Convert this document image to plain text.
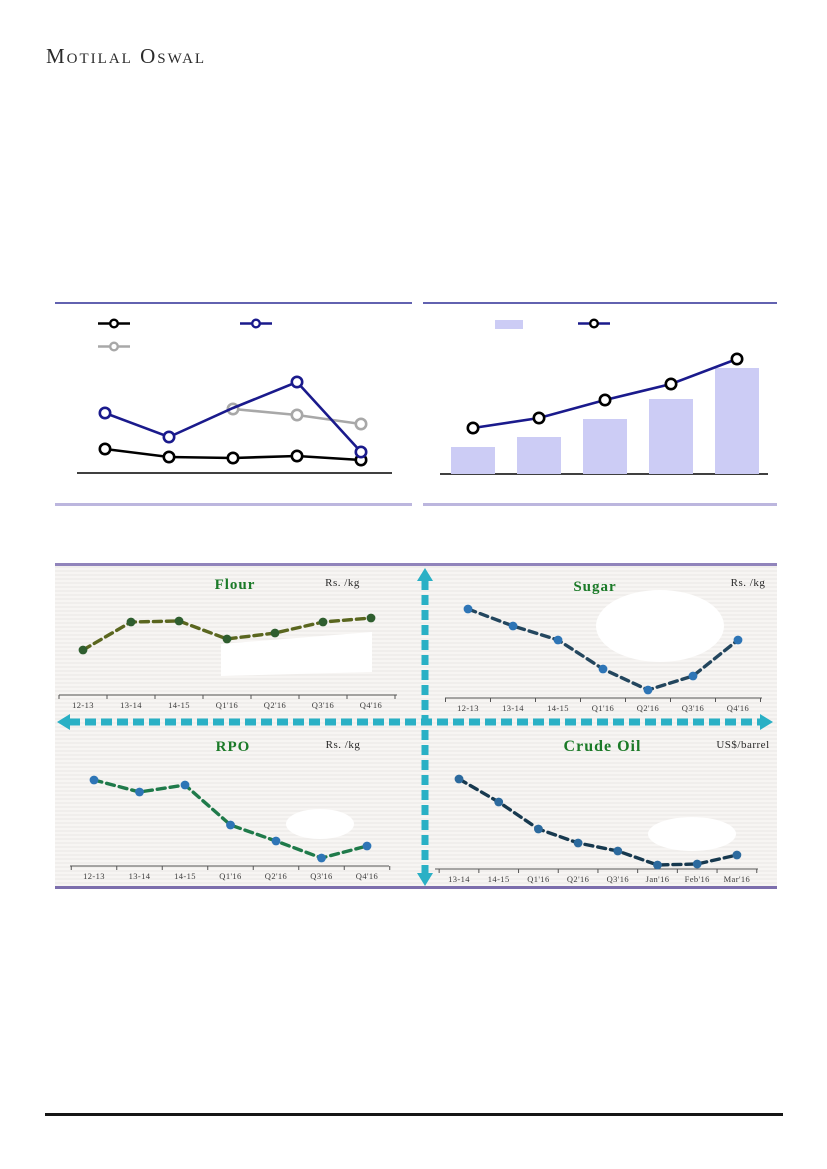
Motilal Oswal
12-13	13-14	14-15	Q1'16	Q2'16	Q3'16	Q4'16	12-13	13-14	14-15	Q1'16	Q2'16	Q3'16	Q4'16
12-13	13-14	14-15	Q1'16	Q2'16	Q3'16	Q4'16	13-14 14-15 Q1'16 Q2'16 Q3'16 Jan'16 Feb'16 Mar'16
Flour	Rs. /kg	Sugar	Rs. /kg
RPO	Rs. /kg	Crude Oil	US$/barrel
